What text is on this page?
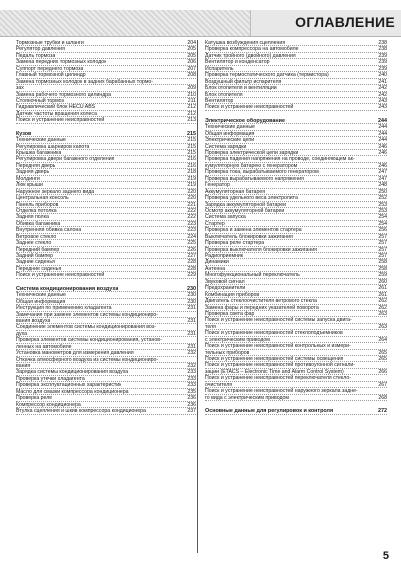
ОГЛАВЛЕНИЕ
Тормозные трубки и шланги	204
Регулятор давления	205
Педаль тормоза	205
Замена передних тормозных колодок	206
Суппорт переднего тормоза	207
Главный тормозной цилиндр	208
Замена тормозных колодок в задних барабанных тормо-
зах	209
Замена рабочего тормозного цилиндра	210
Стояночный тормоз	211
Гидравлический блок HECU ABS	212
Датчик частоты вращения колеса	212
Поиск и устранение неисправностей	213
Кузов	215
Технические данные	215
Регулировка шарниров капота	215
Крышка багажника	215
Регулировка двери багажного отделения	216
Передняя дверь	216
Задняя дверь	218
Молдинги	219
Люк крыши	219
Наружное зеркало заднего вида	220
Центральная консоль	220
Панель приборов	221
Отделка потолка	222
Задняя полка	222
Обивка багажника	223
Внутренняя обивка салона	223
Ветровое стекло	224
Заднее стекло	225
Передний бампер	226
Задний бампер	227
Задние сиденья	228
Передние сиденья	228
Поиск и устранение неисправностей	229
Система кондиционирования воздуха	230
Технические данные	230
Общая информация	230
Инструкция по применению хладагента	231
Замечания при замене элементов системы кондициониро-
вания воздуха	231
Соединение элементов системы кондиционирования воз-
духа	231
Проверка элементов системы кондиционирования, установ-
ленных на автомобиле	231
Установка манометров для измерения давления	232
Откачка атмосферного воздуха из системы кондициониро-
вания	232
Зарядка системы кондиционирования воздуха	233
Проверка утечки хладагента	233
Проверка эксплуатационных характеристик	233
Масло для смазки компрессора кондиционера	235
Проверка реле	236
Компрессор кондиционера	236
Втулка сцепления и шкив компрессора кондиционера	237
Катушка возбуждения сцепления	238
Проверка компрессора на автомобиле	238
Датчик тройного (двойного) давления	239
Вентилятор и конденсатор	239
Испаритель	239
Проверка термостатического датчика (термистора)	240
Воздушный фильтр испарителя	241
Блок отопителя и вентиляции	242
Блок отопителя	242
Вентилятор	243
Поиск и устранение неисправностей	243
Электрическое оборудование	244
Технические данные	244
Общая информация	244
Электрические цепи	244
Система зарядки	246
Проверка электрической цепи зарядки	246
Проверка падения напряжения на проводе, соединяющем ак-
кумуляторную батарею с генератором	246
Проверка тока, вырабатываемого генератором	247
Проверка вырабатываемого напряжения	247
Генератор	248
Аккумуляторная батарея	250
Проверка удельного веса электролита	252
Зарядка аккумуляторной батареи	253
Осмотр аккумуляторной батареи	253
Система запуска	254
Стартер	254
Проверка и замена элементов стартера	256
Выключатель блокировки зажигания	257
Проверка реле стартера	257
Проверка выключателя блокировки зажигания	257
Радиоприемник	257
Динамики	258
Антенна	258
Многофункциональный переключатель	259
Звуковой сигнал	260
Предохранители	261
Комбинация приборов	261
Двигатель стеклоочистителя ветрового стекла	262
Замена фары и передних указателей поворота	262
Проверка света фар	263
Поиск и устранение неисправностей системы запуска двига-
теля	263
Поиск и устранение неисправностей стеклоподъемников
с электрическим приводом	264
Поиск и устранение неисправностей контрольных и измери-
тельных приборов	265
Поиск и устранение неисправностей системы освещения	265
Поиск и устранение неисправностей противоугонной сигнали-
зации (ETACS – Electronic Time and Alarm Control System)	266
Поиск и устранение неисправностей переключателя стекло-
очистителя	267
Поиск и устранение неисправностей наружного зеркала задне-
го вида с электрическим приводом	268
Основные данные для регулировок и контроля	272
5
